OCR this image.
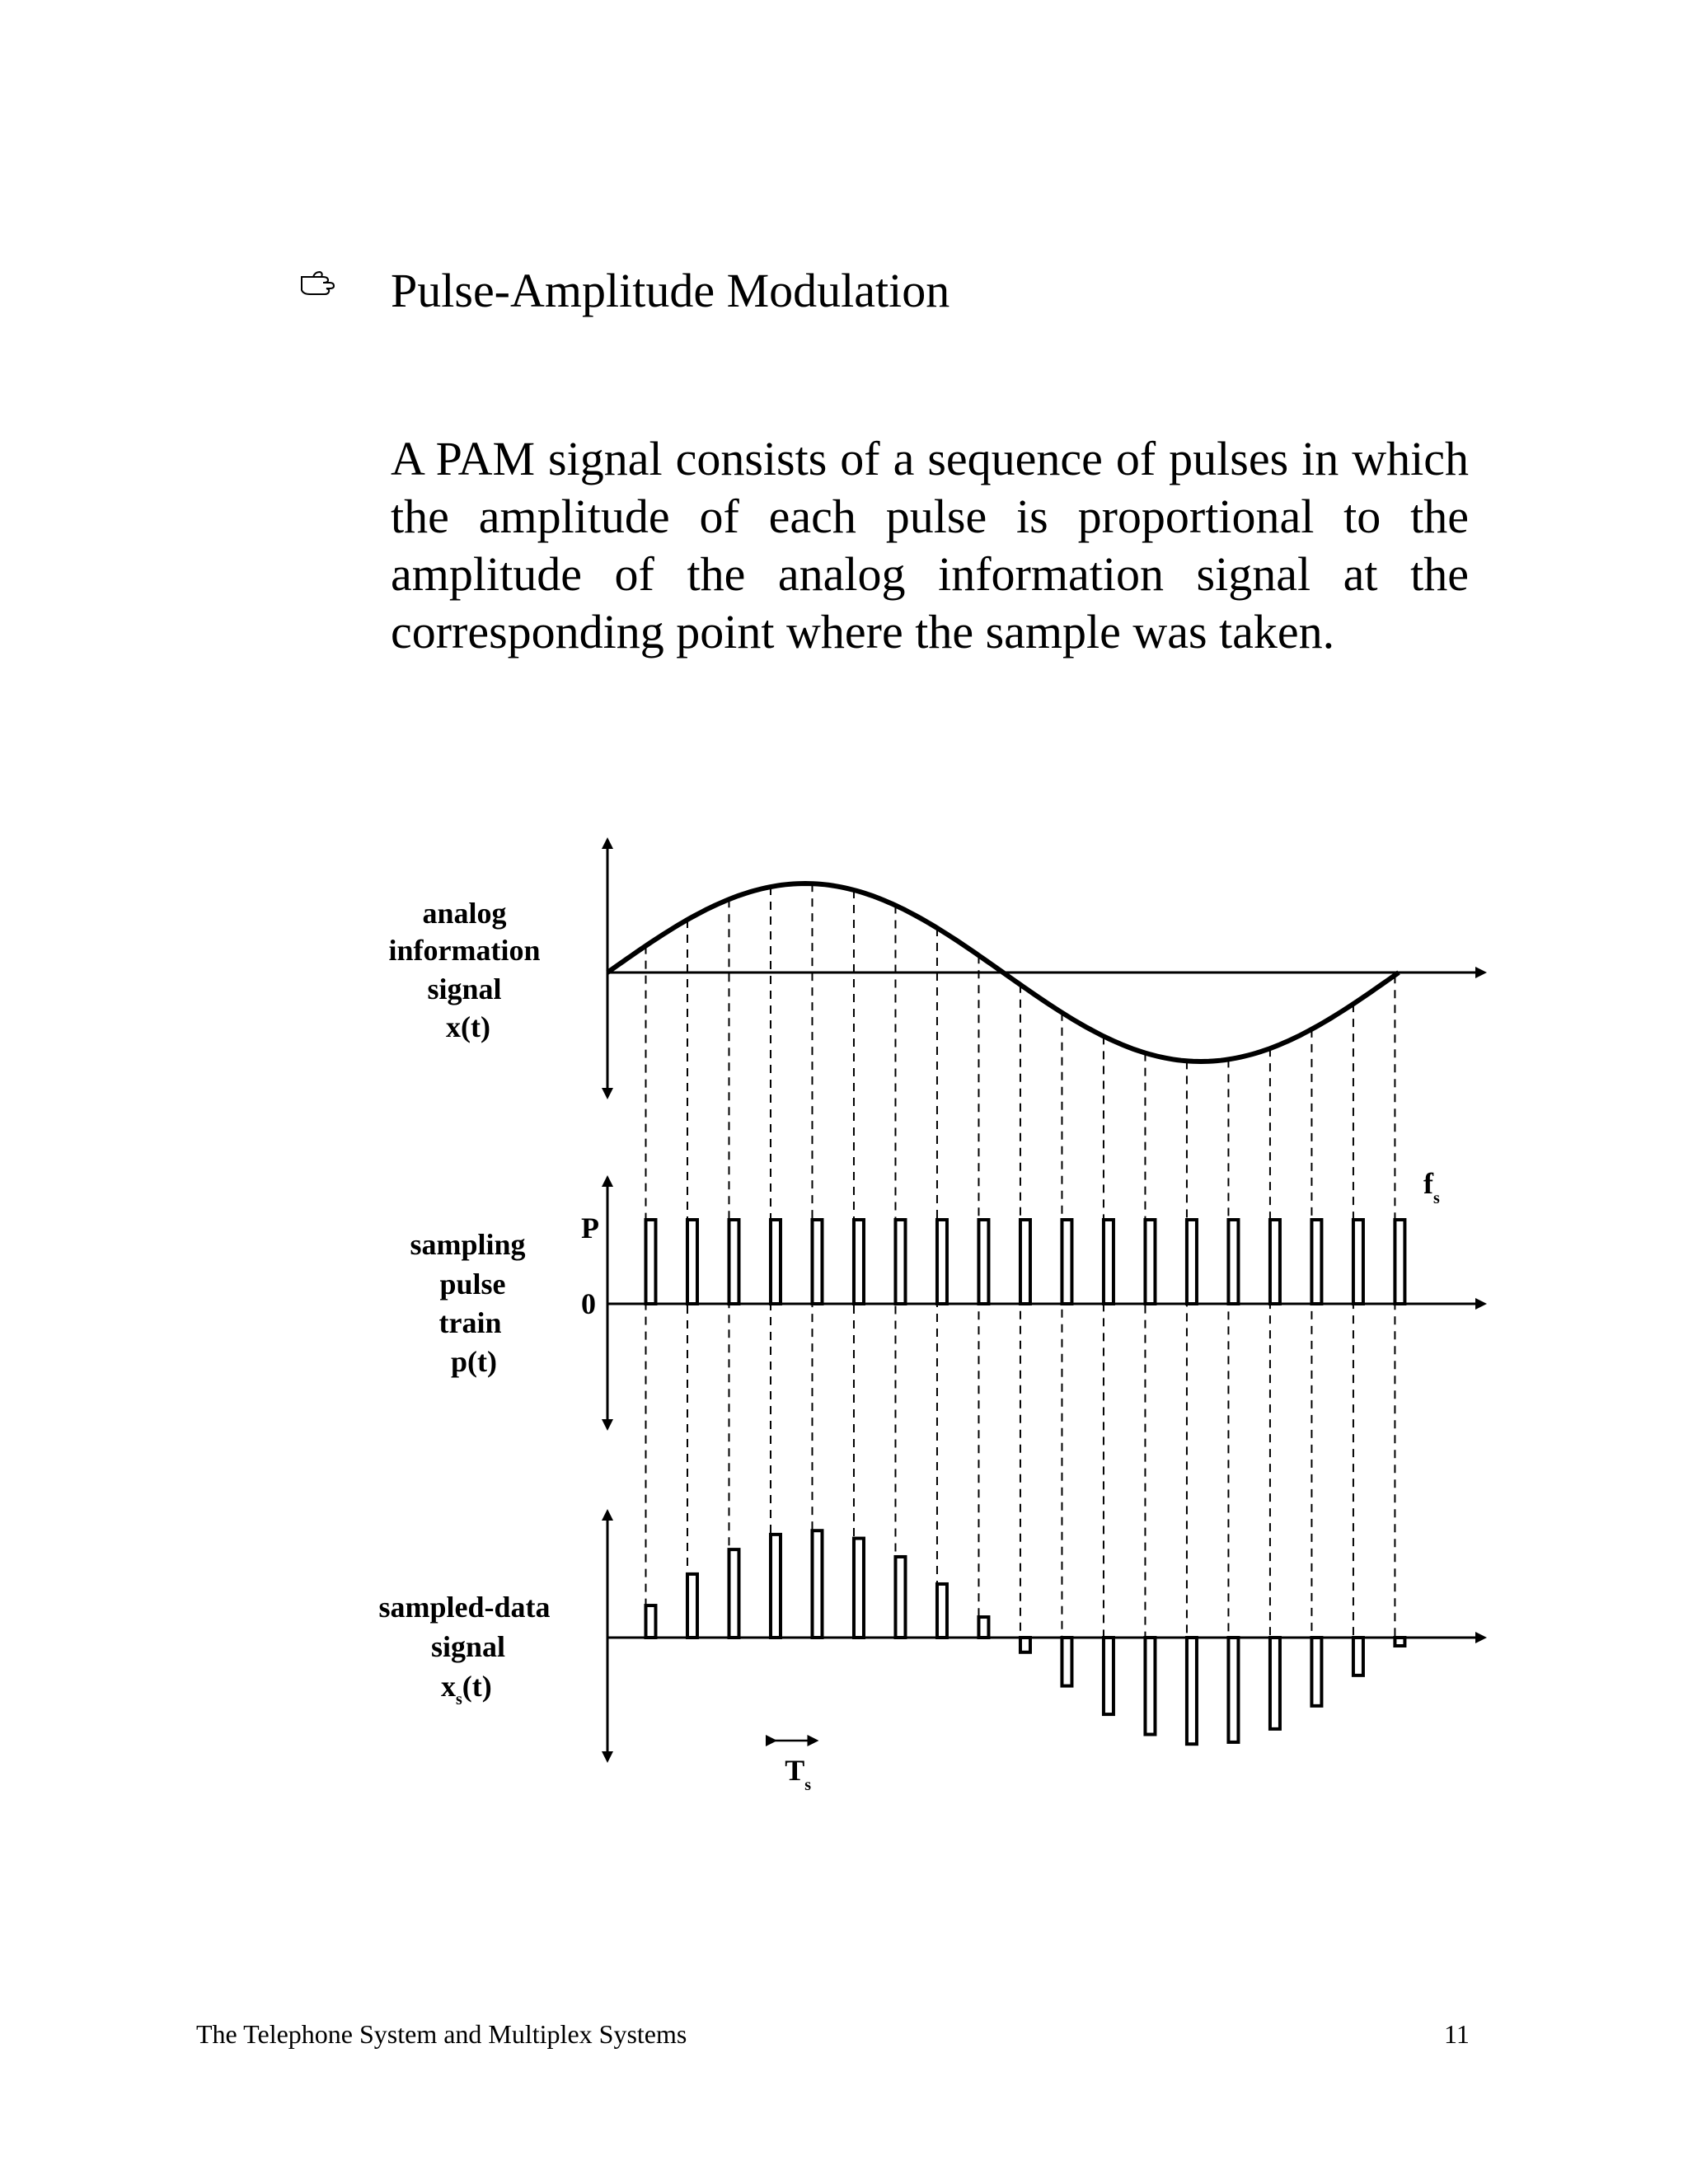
Pulse-Amplitude Modulation
A PAM signal consists of a sequence of pulses in which the amplitude of each pulse is proportional to the amplitude of the analog information signal at the corresponding point where the sample was taken.
analog information signal x(t)
sampling pulse train p(t)
P
0
$f_s$
sampled-data signal
$x_s(t)$
$T_s$
The Telephone System and Multiplex Systems	11
